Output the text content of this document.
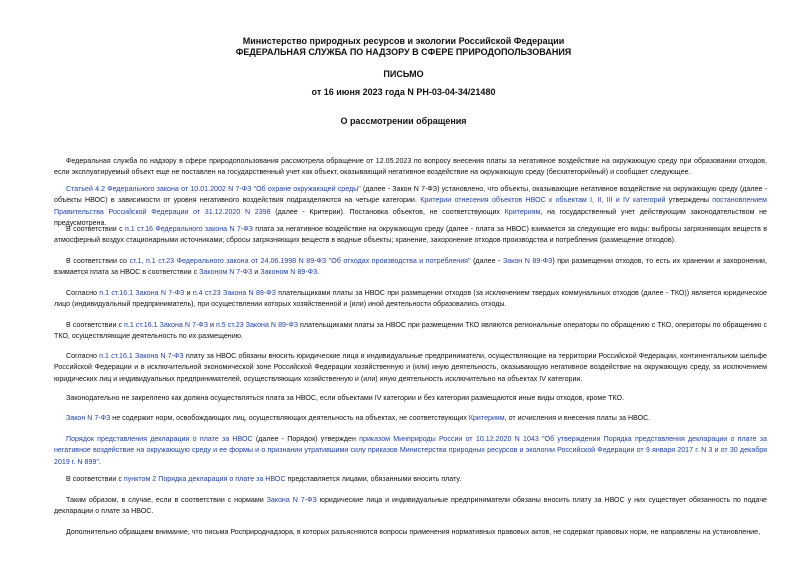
Министерство природных ресурсов и экологии Российской Федерации

ФЕДЕРАЛЬНАЯ СЛУЖБА ПО НАДЗОРУ В СФЕРЕ ПРИРОДОПОЛЬЗОВАНИЯ

ПИСЬМО

от 16 июня 2023 года N РН-03-04-34/21480

О рассмотрении обращения

Федеральная служба по надзору в сфере природопользования рассмотрела обращение от 12.05.2023 по вопросу внесения платы за негативное воздействие на окружающую среду при образовании отходов, если эксплуатируемый объект еще не поставлен на государственный учет как объект, оказывающий негативное воздействие на окружающую среду (бесхатегорийный) и сообщает следующее.

Статьей 4.2 Федерального закона от 10.01.2002 N 7-ФЗ "Об охране окружающей среды" (далее - Закон N 7-ФЗ) установлено, что объекты, оказывающие негативное воздействие на окружающую среду (далее - объекты НВОС) в зависимости от уровня негативного воздействия подразделяются на четыре категории. Критерии отнесения объектов НВОС к объектам I, II, III и IV категорий утверждены постановлением Правительства Российской Федерации от 31.12.2020 N 2398 (далее - Критерии). Постановка объектов, не соответствующих Критериям, на государственный учет действующим законодательством не предусмотрена.

В соответствии с п.1 ст.16 Федерального закона N 7-ФЗ плата за негативное воздействие на окружающую среду (далее - плата за НВОС) взимается за следующие его виды: выбросы загрязняющих веществ в атмосферный воздух стационарными источниками; сбросы загрязняющих веществ в водные объекты; хранение, захоронение отходов производства и потребления (размещение отходов).

В соответствии со ст.1, п.1 ст.23 Федерального закона от 24.06.1998 N 89-ФЗ "Об отходах производства и потребления" (далее - Закон N 89-ФЗ) при размещении отходов, то есть их хранении и захоронении, взимается плата за НВОС в соответствии с Законом N 7-ФЗ и Законом N 89-ФЗ.

Согласно п.1 ст.16.1 Закона N 7-ФЗ и п.4 ст.23 Закона N 89-ФЗ плательщиками платы за НВОС при размещении отходов (за исключением твердых коммунальных отходов (далее - ТКО)) является юридическое лицо (индивидуальный предприниматель), при осуществлении которых хозяйственной и (или) иной деятельности образовались отходы.

В соответствии с п.1 ст.16.1 Закона N 7-ФЗ и п.5 ст.23 Закона N 89-ФЗ плательщиками платы за НВОС при размещении ТКО являются региональные операторы по обращению с ТКО, операторы по обращению с ТКО, осуществляющие деятельность по их размещению.

Согласно п.1 ст.16.1 Закона N 7-ФЗ плату за НВОС обязаны вносить юридические лица и индивидуальные предприниматели, осуществляющие на территории Российской Федерации, континентальном шельфе Российской Федерации и в исключительной экономической зоне Российской Федерации хозяйственную и (или) иную деятельность, оказывающую негативное воздействие на окружающую среду, за исключением юридических лиц и индивидуальных предпринимателей, осуществляющих хозяйственную и (или) иную деятельность исключительно на объектах IV категории.

Законодательно не закреплено как должна осуществляться плата за НВОС, если объектами IV категории и без категории размещаются иные виды отходов, кроме ТКО.

Закон N 7-ФЗ не содержит норм, освобождающих лиц, осуществляющих деятельность на объектах, не соответствующих Критериям, от исчисления и внесения платы за НВОС.

Порядок представления декларации о плате за НВОС (далее - Порядок) утвержден приказом Минприроды России от 10.12.2020 N 1043 "Об утверждении Порядка представления декларации о плате за негативное воздействие на окружающую среду и ее формы и о признании утратившими силу приказов Министерства природных ресурсов и экологии Российской Федерации от 9 января 2017 г. N 3 и от 30 декабря 2019 г. N 899".

В соответствии с пунктом 2 Порядка декларация о плате за НВОС представляется лицами, обязанными вносить плату.

Таким образом, в случае, если в соответствии с нормами Закона N 7-ФЗ юридические лица и индивидуальные предприниматели обязаны вносить плату за НВОС у них существует обязанность по подаче декларации о плате за НВОС.

Дополнительно обращаем внимание, что письма Росприроднадзора, в которых разъясняются вопросы применения нормативных правовых актов, не содержат правовых норм, не направлены на установление,
